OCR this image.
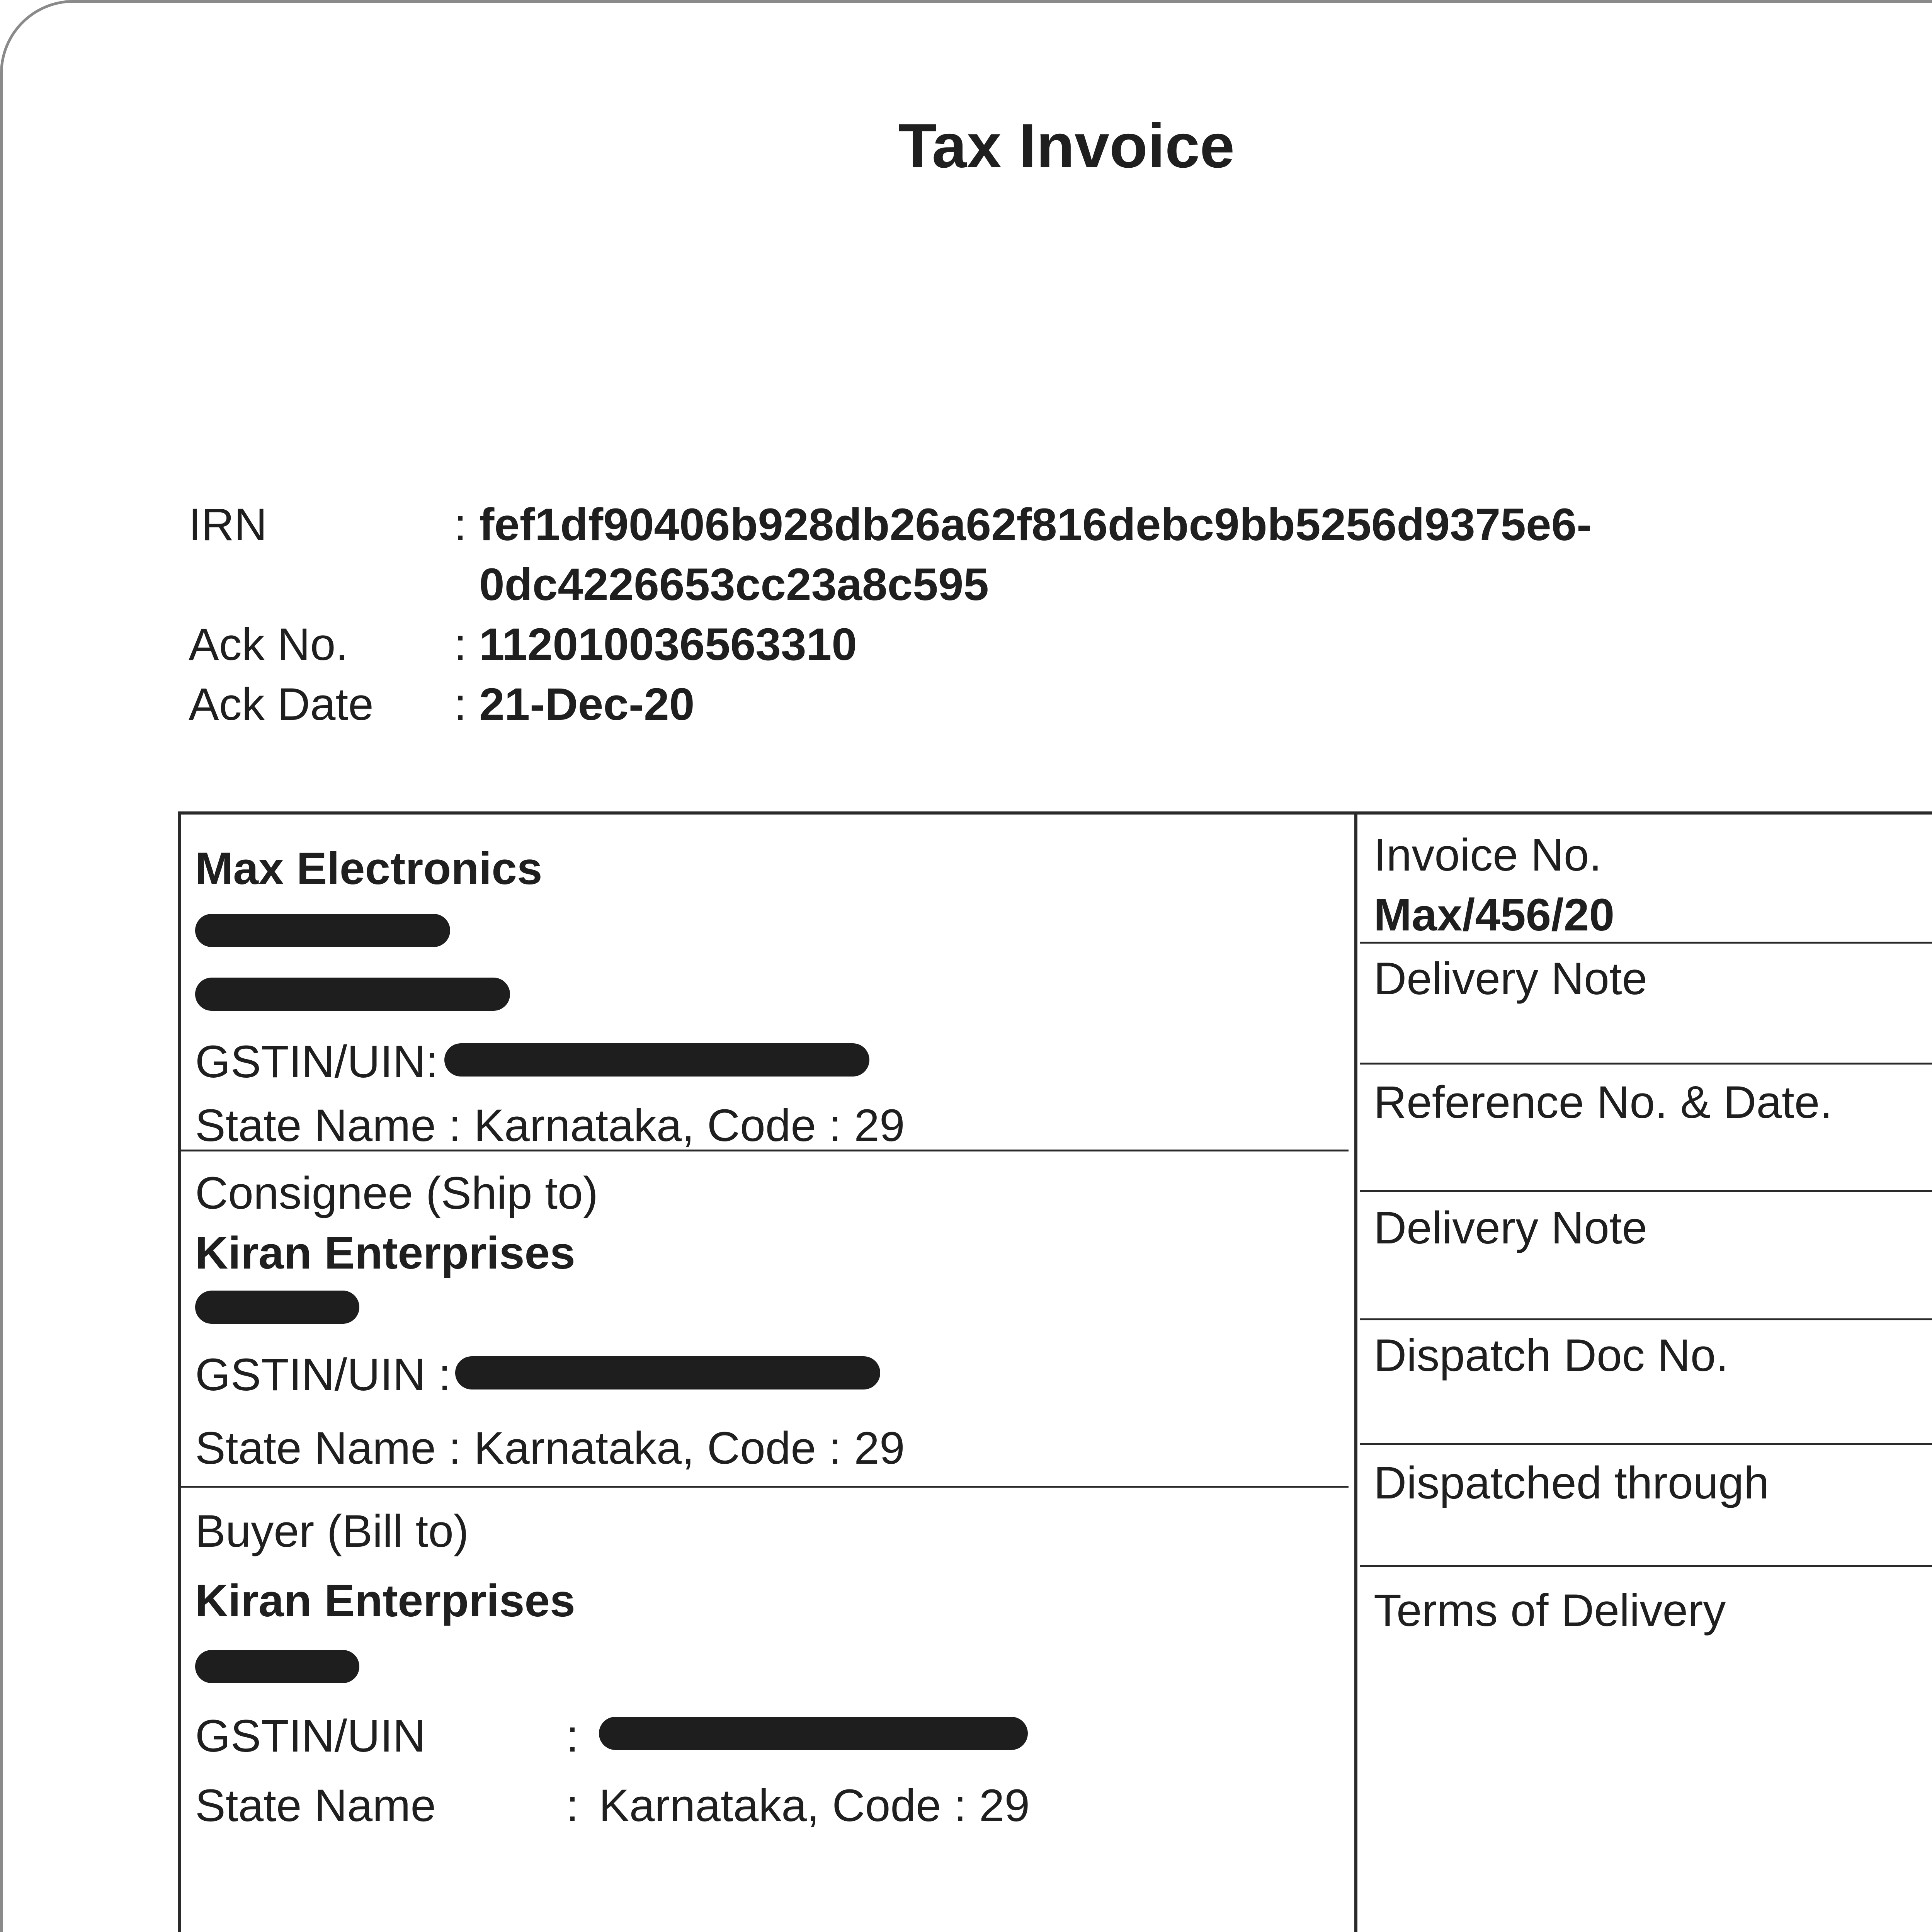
Tax Invoice
IRN	: fef1df90406b928db26a62f816debc9bb5256d9375e6-
0dc4226653cc23a8c595
Ack No. : 112010036563310
Ack Date : 21-Dec-20
Max Electronics
GSTIN/UIN:
State Name : Karnataka, Code : 29
Consignee (Ship to)
Kiran Enterprises
GSTIN/UIN :
State Name : Karnataka, Code : 29
Buyer (Bill to)
Kiran Enterprises
GSTIN/UIN	:
State Name	: Karnataka, Code : 29
Invoice No.
Max/456/20
Delivery Note
Reference No. & Date.
Delivery Note
Dispatch Doc No.
Dispatched through
Terms of Delivery
